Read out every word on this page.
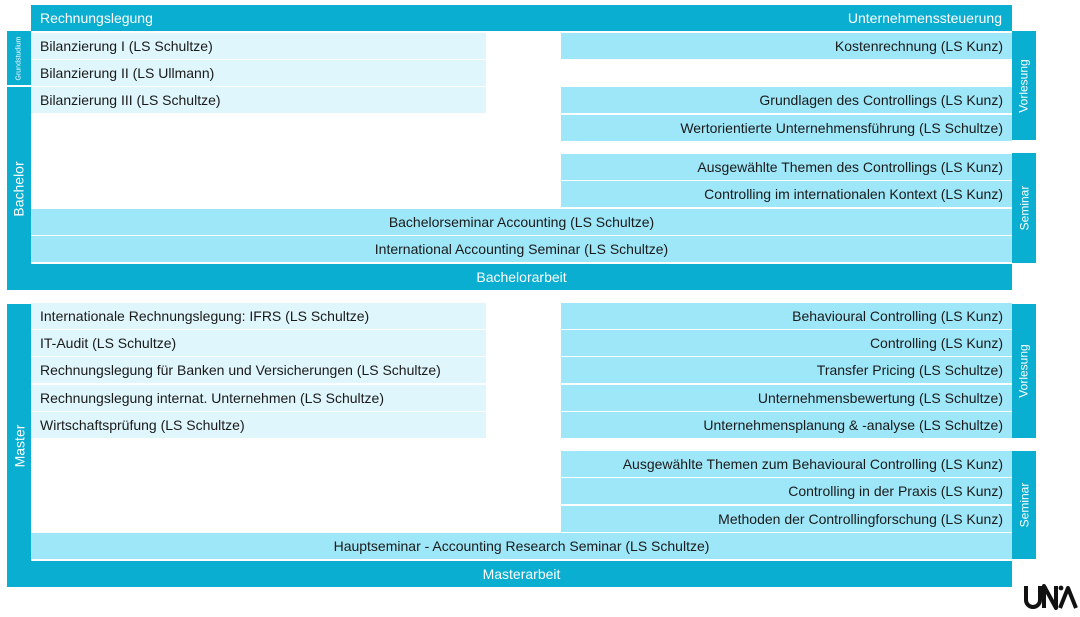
Rechnungslegung	Unternehmenssteuerung
Grundstudium
Bachelor
Master
Vorlesung
Seminar
Vorlesung
Seminar
Bilanzierung I (LS Schultze)
Bilanzierung II (LS Ullmann)
Bilanzierung III (LS Schultze)
Kostenrechnung (LS Kunz)
Grundlagen des Controllings (LS Kunz)
Wertorientierte Unternehmensführung (LS Schultze)
Ausgewählte Themen des Controllings (LS Kunz)
Controlling im internationalen Kontext (LS Kunz)
Bachelorseminar Accounting (LS Schultze)
International Accounting Seminar (LS Schultze)
Bachelorarbeit
Internationale Rechnungslegung: IFRS (LS Schultze)
IT-Audit (LS Schultze)
Rechnungslegung für Banken und Versicherungen (LS Schultze)
Rechnungslegung internat. Unternehmen (LS Schultze)
Wirtschaftsprüfung (LS Schultze)
Behavioural Controlling (LS Kunz)
Controlling (LS Kunz)
Transfer Pricing (LS Schultze)
Unternehmensbewertung (LS Schultze)
Unternehmensplanung & -analyse (LS Schultze)
Ausgewählte Themen zum Behavioural Controlling (LS Kunz)
Controlling in der Praxis (LS Kunz)
Methoden der Controllingforschung (LS Kunz)
Hauptseminar - Accounting Research Seminar (LS Schultze)
Masterarbeit
